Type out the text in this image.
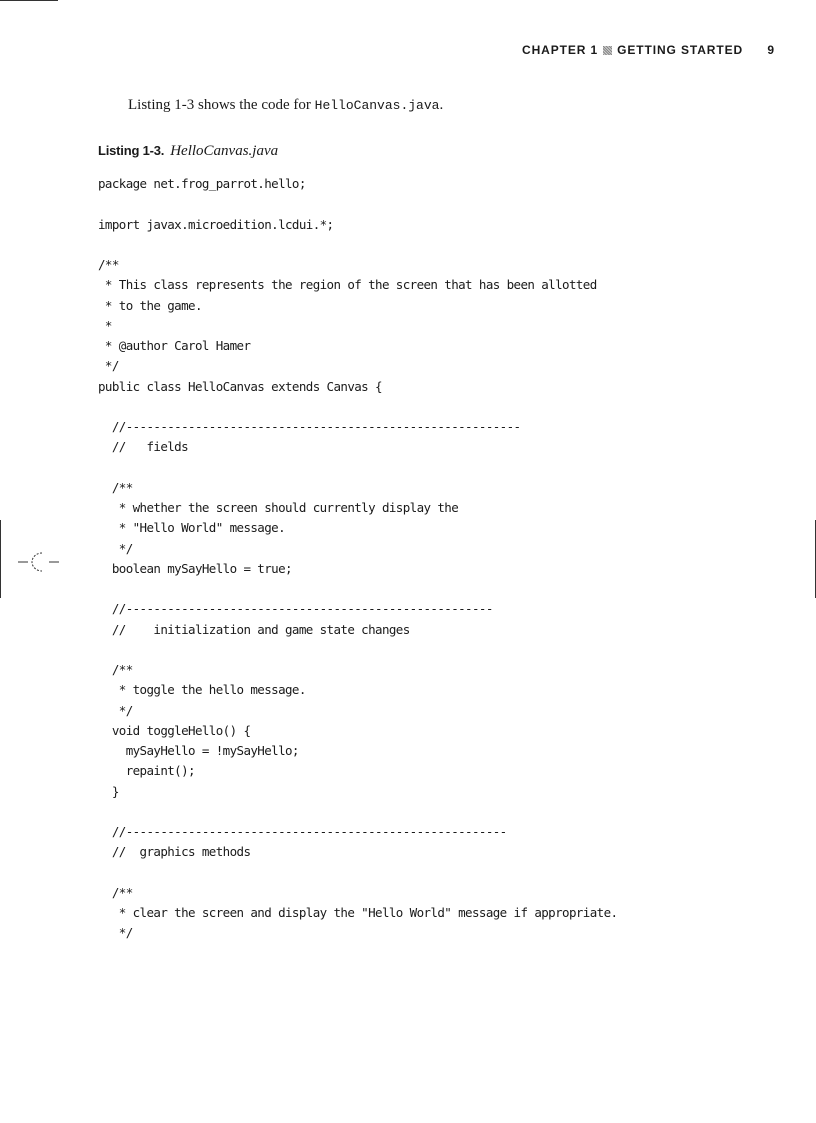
CHAPTER 1 GETTING STARTED 9
Listing 1-3 shows the code for HelloCanvas.java.
Listing 1-3. HelloCanvas.java
package net.frog_parrot.hello;
import javax.microedition.lcdui.*;
/**
* This class represents the region of the screen that has been allotted
* to the game.
*
* @author Carol Hamer
*/
public class HelloCanvas extends Canvas {
//---------------------------------------------------------
//   fields
/**
* whether the screen should currently display the
* "Hello World" message.
*/
boolean mySayHello = true;
//-----------------------------------------------------
//    initialization and game state changes
/**
* toggle the hello message.
*/
void toggleHello() {
mySayHello = !mySayHello;
repaint();
}
//-------------------------------------------------------
//  graphics methods
/**
* clear the screen and display the "Hello World" message if appropriate.
*/
